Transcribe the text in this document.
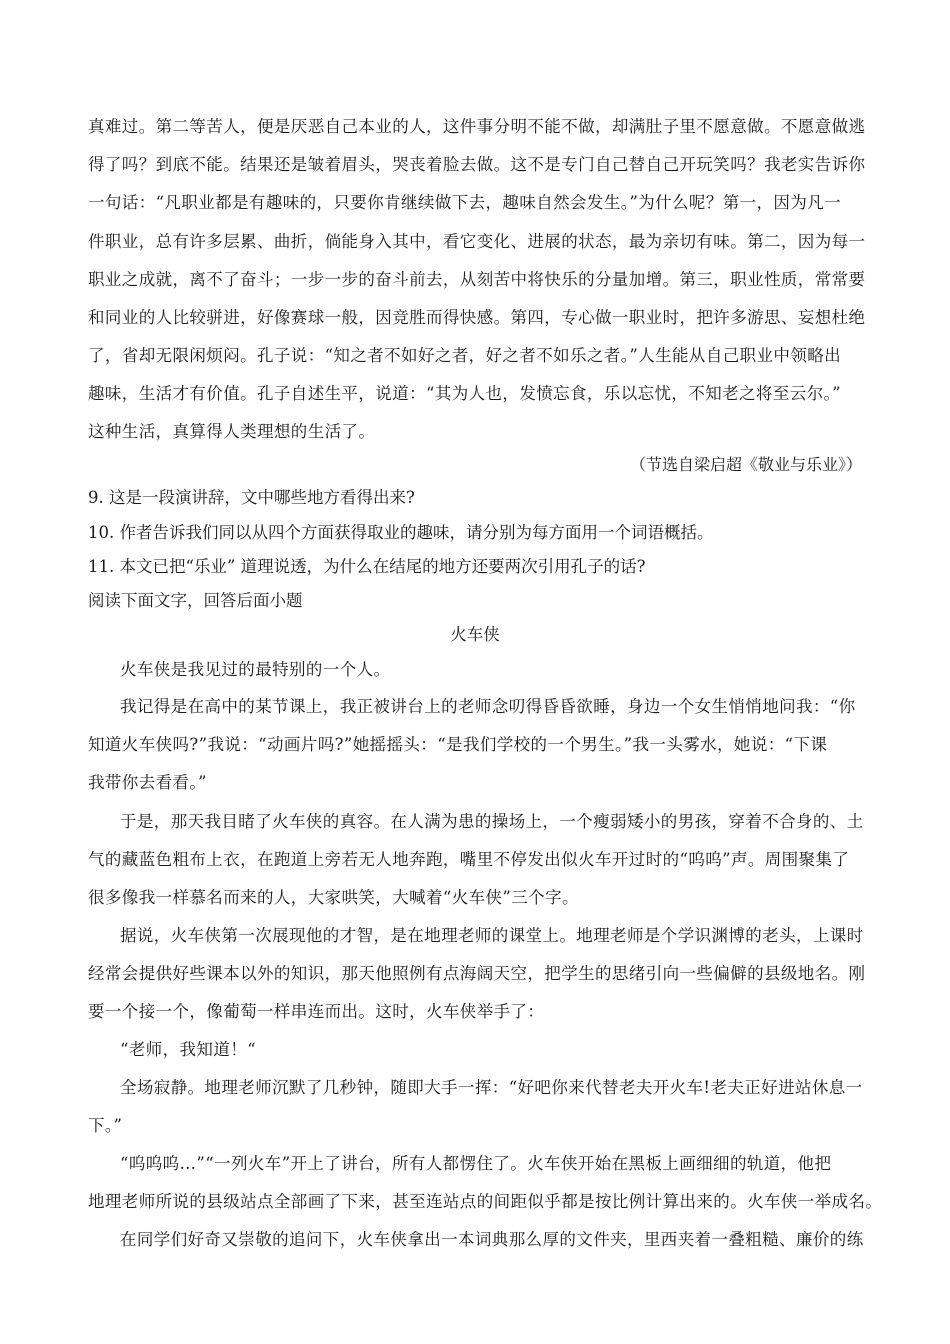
真难过。第二等苦人，便是厌恶自己本业的人，这件事分明不能不做，却满肚子里不愿意做。不愿意做逃
得了吗？到底不能。结果还是皱着眉头，哭丧着脸去做。这不是专门自己替自己开玩笑吗？我老实告诉你
一句话：“凡职业都是有趣味的，只要你肯继续做下去，趣味自然会发生。”为什么呢？第一，因为凡一
件职业，总有许多层累、曲折，倘能身入其中，看它变化、进展的状态，最为亲切有味。第二，因为每一
职业之成就，离不了奋斗；一步一步的奋斗前去，从刻苦中将快乐的分量加增。第三，职业性质，常常要
和同业的人比较骈进，好像赛球一般，因竞胜而得快感。第四，专心做一职业时，把许多游思、妄想杜绝
了，省却无限闲烦闷。孔子说：“知之者不如好之者，好之者不如乐之者。”人生能从自己职业中领略出
趣味，生活才有价值。孔子自述生平，说道：“其为人也，发愤忘食，乐以忘忧，不知老之将至云尔。”
这种生活，真算得人类理想的生活了。
（节选自梁启超《敬业与乐业》）
9. 这是一段演讲辞，文中哪些地方看得出来?
10. 作者告诉我们同以从四个方面获得取业的趣味，请分别为每方面用一个词语概括。
11. 本文已把“乐业” 道理说透，为什么在结尾的地方还要两次引用孔子的话?
阅读下面文字，回答后面小题
火车侠
火车侠是我见过的最特别的一个人。
我记得是在高中的某节课上，我正被讲台上的老师念叨得昏昏欲睡，身边一个女生悄悄地问我：“你
知道火车侠吗?”我说：“动画片吗?”她摇摇头：“是我们学校的一个男生。”我一头雾水，她说：“下课
我带你去看看。”
于是，那天我目睹了火车侠的真容。在人满为患的操场上，一个瘦弱矮小的男孩，穿着不合身的、土
气的藏蓝色粗布上衣，在跑道上旁若无人地奔跑，嘴里不停发出似火车开过时的“呜呜”声。周围聚集了
很多像我一样慕名而来的人，大家哄笑，大喊着“火车侠”三个字。
据说，火车侠第一次展现他的才智，是在地理老师的课堂上。地理老师是个学识渊博的老头，上课时
经常会提供好些课本以外的知识，那天他照例有点海阔天空，把学生的思绪引向一些偏僻的县级地名。刚
要一个接一个，像葡萄一样串连而出。这时，火车侠举手了：
“老师，我知道！“
全场寂静。地理老师沉默了几秒钟，随即大手一挥：“好吧你来代替老夫开火车!老夫正好进站休息一
下。”
“呜呜呜…”“一列火车”开上了讲台，所有人都愣住了。火车侠开始在黑板上画细细的轨道，他把
地理老师所说的县级站点全部画了下来，甚至连站点的间距似乎都是按比例计算出来的。火车侠一举成名。
在同学们好奇又崇敬的追问下，火车侠拿出一本词典那么厚的文件夹，里西夹着一叠粗糙、廉价的练
